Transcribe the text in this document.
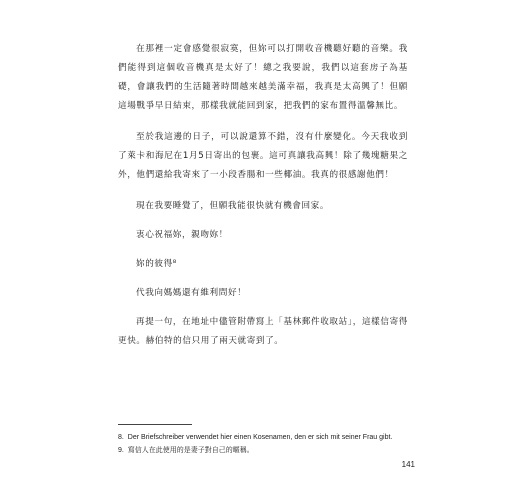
在那裡一定會感覺很寂寞，但妳可以打開收音機聽好聽的音樂。我們能得到這個收音機真是太好了！總之我要說，我們以這套房子為基礎，會讓我們的生活隨著時間越來越美滿幸福，我真是太高興了！但願這場戰爭早日結束，那樣我就能回到家，把我們的家布置得溫馨無比。

至於我這邊的日子，可以說還算不錯，沒有什麼變化。今天我收到了萊卡和海尼在1月5日寄出的包裹。這可真讓我高興！除了幾塊糖果之外，他們還給我寄來了一小段香腸和一些椰油。我真的很感謝他們！

現在我要睡覺了，但願我能很快就有機會回家。

衷心祝福妳，親吻妳！

妳的彼得⁸

代我向媽媽還有維利問好！

再提一句，在地址中儘管附帶寫上「基林郵件收取站」，這樣信寄得更快。赫伯特的信只用了兩天就寄到了。

8. Der Briefschreiber verwendet hier einen Kosenamen, den er sich mit seiner Frau gibt.

9. 寫信人在此使用的是妻子對自己的暱稱。

141
